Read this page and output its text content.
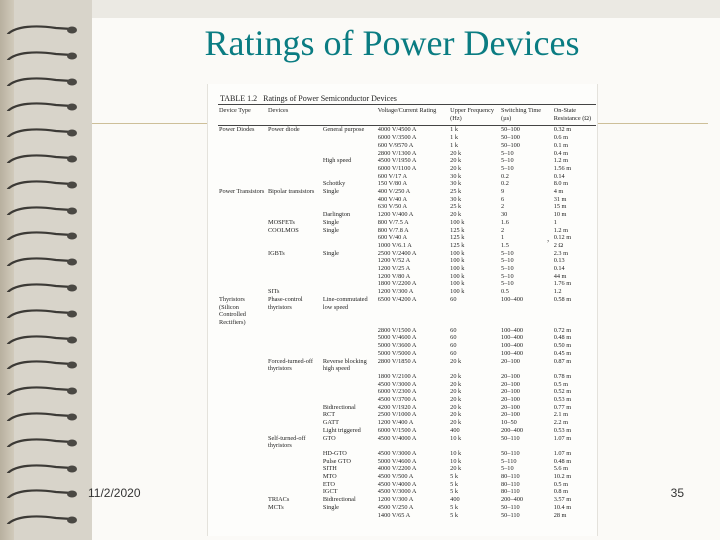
Ratings of Power Devices
TABLE 1.2 Ratings of Power Semiconductor Devices
Device Type	Devices		Voltage/Current Rating	Upper Frequency (Hz)	Switching Time (µs)	On-State Resistance (Ω)
Power Diodes	Power diode	General purpose	4000 V/4500 A	1 k	50–100	0.32 m
			6000 V/3500 A	1 k	50–100	0.6 m
			600 V/9570 A	1 k	50–100	0.1 m
			2800 V/1300 A	20 k	5–10	0.4 m
		High speed	4500 V/1950 A	20 k	5–10	1.2 m
			6000 V/1100 A	20 k	5–10	1.56 m
			600 V/17 A	30 k	0.2	0.14
		Schottky	150 V/80 A	30 k	0.2	8.0 m
Power Transistors	Bipolar transistors	Single	400 V/250 A	25 k	9	4 m
			400 V/40 A	30 k	6	31 m
			630 V/50 A	25 k	2	15 m
		Darlington	1200 V/400 A	20 k	30	10 m
	MOSFETs	Single	800 V/7.5 A	100 k	1.6	1
	COOLMOS	Single	800 V/7.8 A	125 k	2	1.2 m
			600 V/40 A	125 k	1	0.12 m
			1000 V/6.1 A	125 k	1.5	2 Ω
	IGBTs	Single	2500 V/2400 A	100 k	5–10	2.3 m
			1200 V/52 A	100 k	5–10	0.13
			1200 V/25 A	100 k	5–10	0.14
			1200 V/80 A	100 k	5–10	44 m
			1800 V/2200 A	100 k	5–10	1.76 m
	SITs		1200 V/300 A	100 k	0.5	1.2
Thyristors (Silicon Controlled Rectifiers)	Phase-control thyristors	Line-commutated low speed	6500 V/4200 A	60	100–400	0.58 m
			2800 V/1500 A	60	100–400	0.72 m
			5000 V/4600 A	60	100–400	0.48 m
			5000 V/3600 A	60	100–400	0.50 m
			5000 V/5000 A	60	100–400	0.45 m
	Forced-turned-off thyristors	Reverse blocking high speed	2800 V/1850 A	20 k	20–100	0.87 m
			1800 V/2100 A	20 k	20–100	0.78 m
			4500 V/3000 A	20 k	20–100	0.5 m
			6000 V/2300 A	20 k	20–100	0.52 m
			4500 V/3700 A	20 k	20–100	0.53 m
		Bidirectional	4200 V/1920 A	20 k	20–100	0.77 m
		RCT	2500 V/1000 A	20 k	20–100	2.1 m
		GATT	1200 V/400 A	20 k	10–50	2.2 m
		Light triggered	6000 V/1500 A	400	200–400	0.53 m
	Self-turned-off thyristors	GTO	4500 V/4000 A	10 k	50–110	1.07 m
		HD-GTO	4500 V/3000 A	10 k	50–110	1.07 m
		Pulse GTO	5000 V/4600 A	10 k	5–110	0.48 m
		SITH	4000 V/2200 A	20 k	5–10	5.6 m
		MTO	4500 V/500 A	5 k	80–110	10.2 m
		ETO	4500 V/4000 A	5 k	80–110	0.5 m
		IGCT	4500 V/3000 A	5 k	80–110	0.8 m
	TRIACs	Bidirectional	1200 V/300 A	400	200–400	3.57 m
	MCTs	Single	4500 V/250 A	5 k	50–110	10.4 m
			1400 V/65 A	5 k	50–110	28 m
,
11/2/2020	35
